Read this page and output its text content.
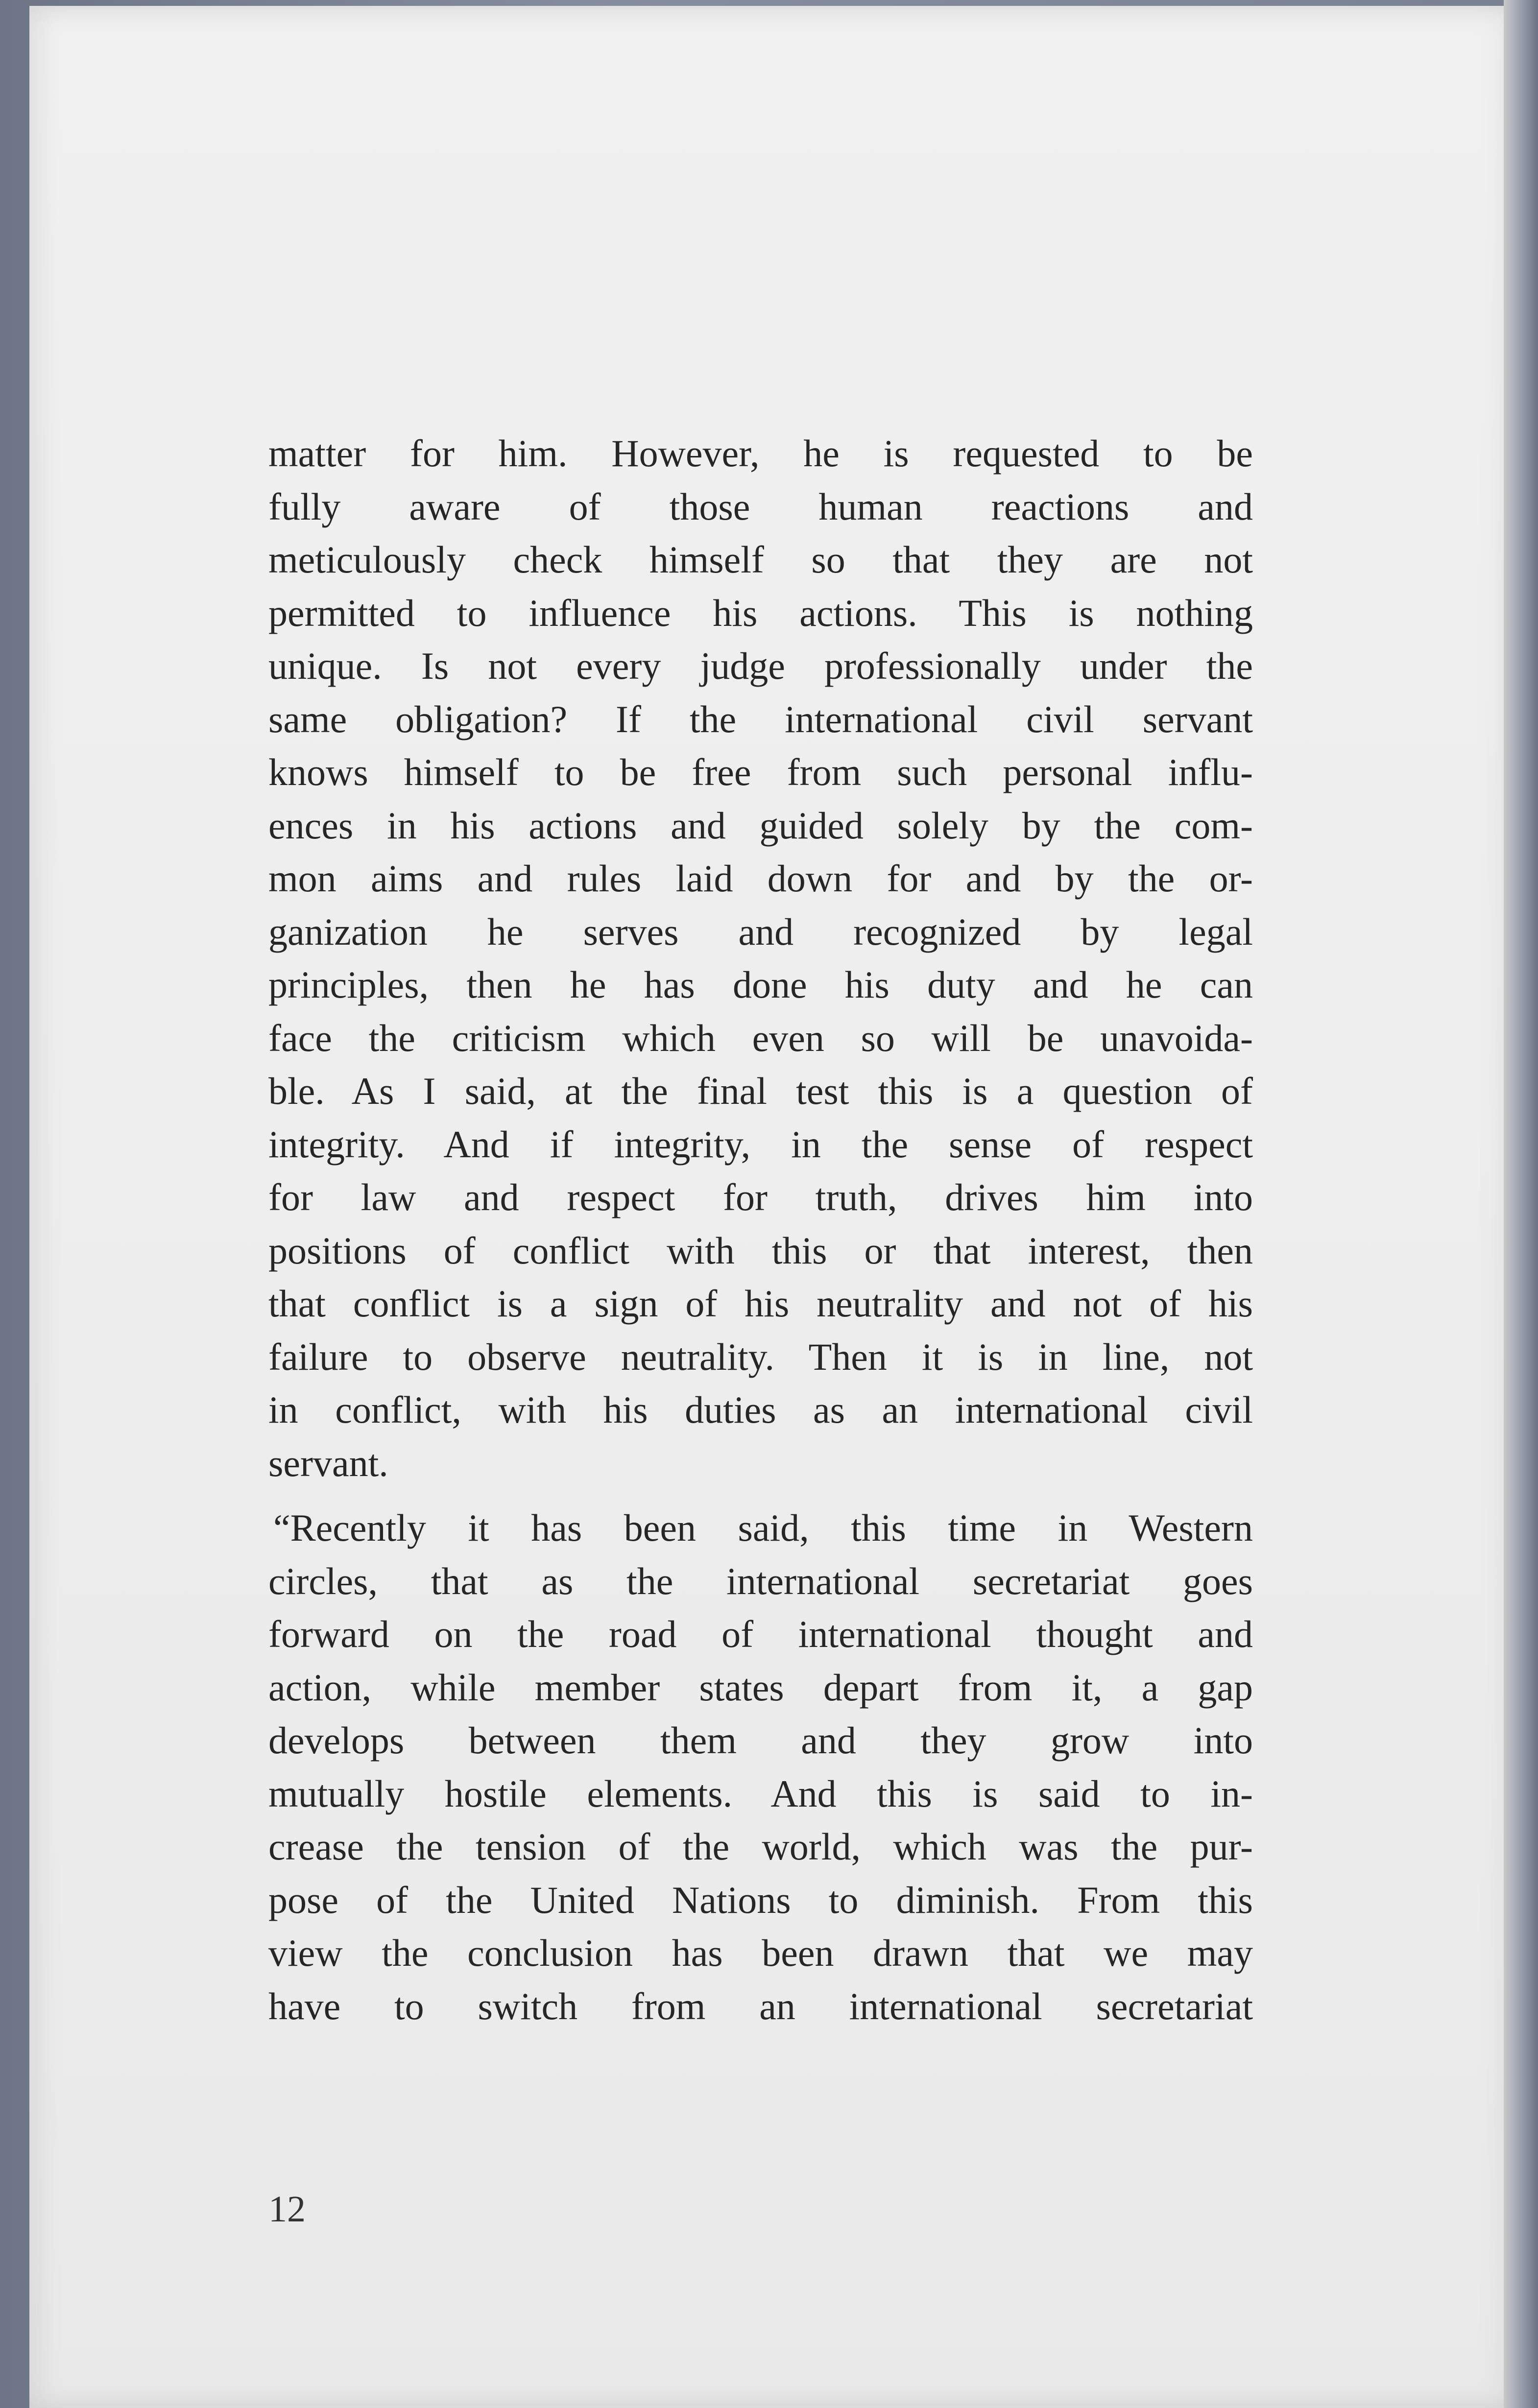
matter for him. However, he is requested to be
fully aware of those human reactions and
meticulously check himself so that they are not
permitted to influence his actions. This is nothing
unique. Is not every judge professionally under the
same obligation? If the international civil servant
knows himself to be free from such personal influ-
ences in his actions and guided solely by the com-
mon aims and rules laid down for and by the or-
ganization he serves and recognized by legal
principles, then he has done his duty and he can
face the criticism which even so will be unavoida-
ble. As I said, at the final test this is a question of
integrity. And if integrity, in the sense of respect
for law and respect for truth, drives him into
positions of conflict with this or that interest, then
that conflict is a sign of his neutrality and not of his
failure to observe neutrality. Then it is in line, not
in conflict, with his duties as an international civil
servant.
“Recently it has been said, this time in Western
circles, that as the international secretariat goes
forward on the road of international thought and
action, while member states depart from it, a gap
develops between them and they grow into
mutually hostile elements. And this is said to in-
crease the tension of the world, which was the pur-
pose of the United Nations to diminish. From this
view the conclusion has been drawn that we may
have to switch from an international secretariat
12
